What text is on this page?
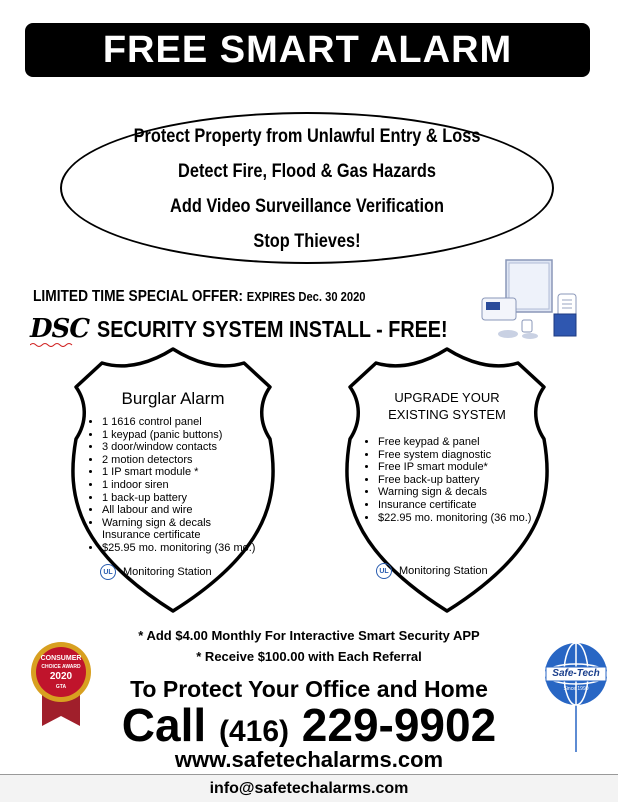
FREE SMART ALARM
Protect Property from Unlawful Entry & Loss
Detect Fire, Flood & Gas Hazards
Add Video Surveillance Verification
Stop Thieves!
LIMITED TIME SPECIAL OFFER: EXPIRES Dec. 30 2020
DSC SECURITY SYSTEM INSTALL - FREE!
Burglar Alarm
• 1 1616 control panel
• 1 keypad (panic buttons)
• 3 door/window contacts
• 2 motion detectors
• 1 IP smart module *
• 1 indoor siren
• 1 back-up battery
• All labour and wire
• Warning sign & decals
• Insurance certificate
• $25.95 mo. monitoring (36 mo.)
UL Monitoring Station
UPGRADE YOUR
EXISTING SYSTEM
• Free keypad & panel
• Free system diagnostic
• Free IP smart module*
• Free back-up battery
• Warning sign & decals
• Insurance certificate
• $22.95 mo. monitoring (36 mo.)
UL Monitoring Station
* Add $4.00 Monthly For Interactive Smart Security APP
* Receive $100.00 with Each Referral
CONSUMER
CHOICE AWARD
2020
GTA
Safe-Tech
Since 1990
To Protect Your Office and Home
Call (416) 229-9902
www.safetechalarms.com
info@safetechalarms.com
